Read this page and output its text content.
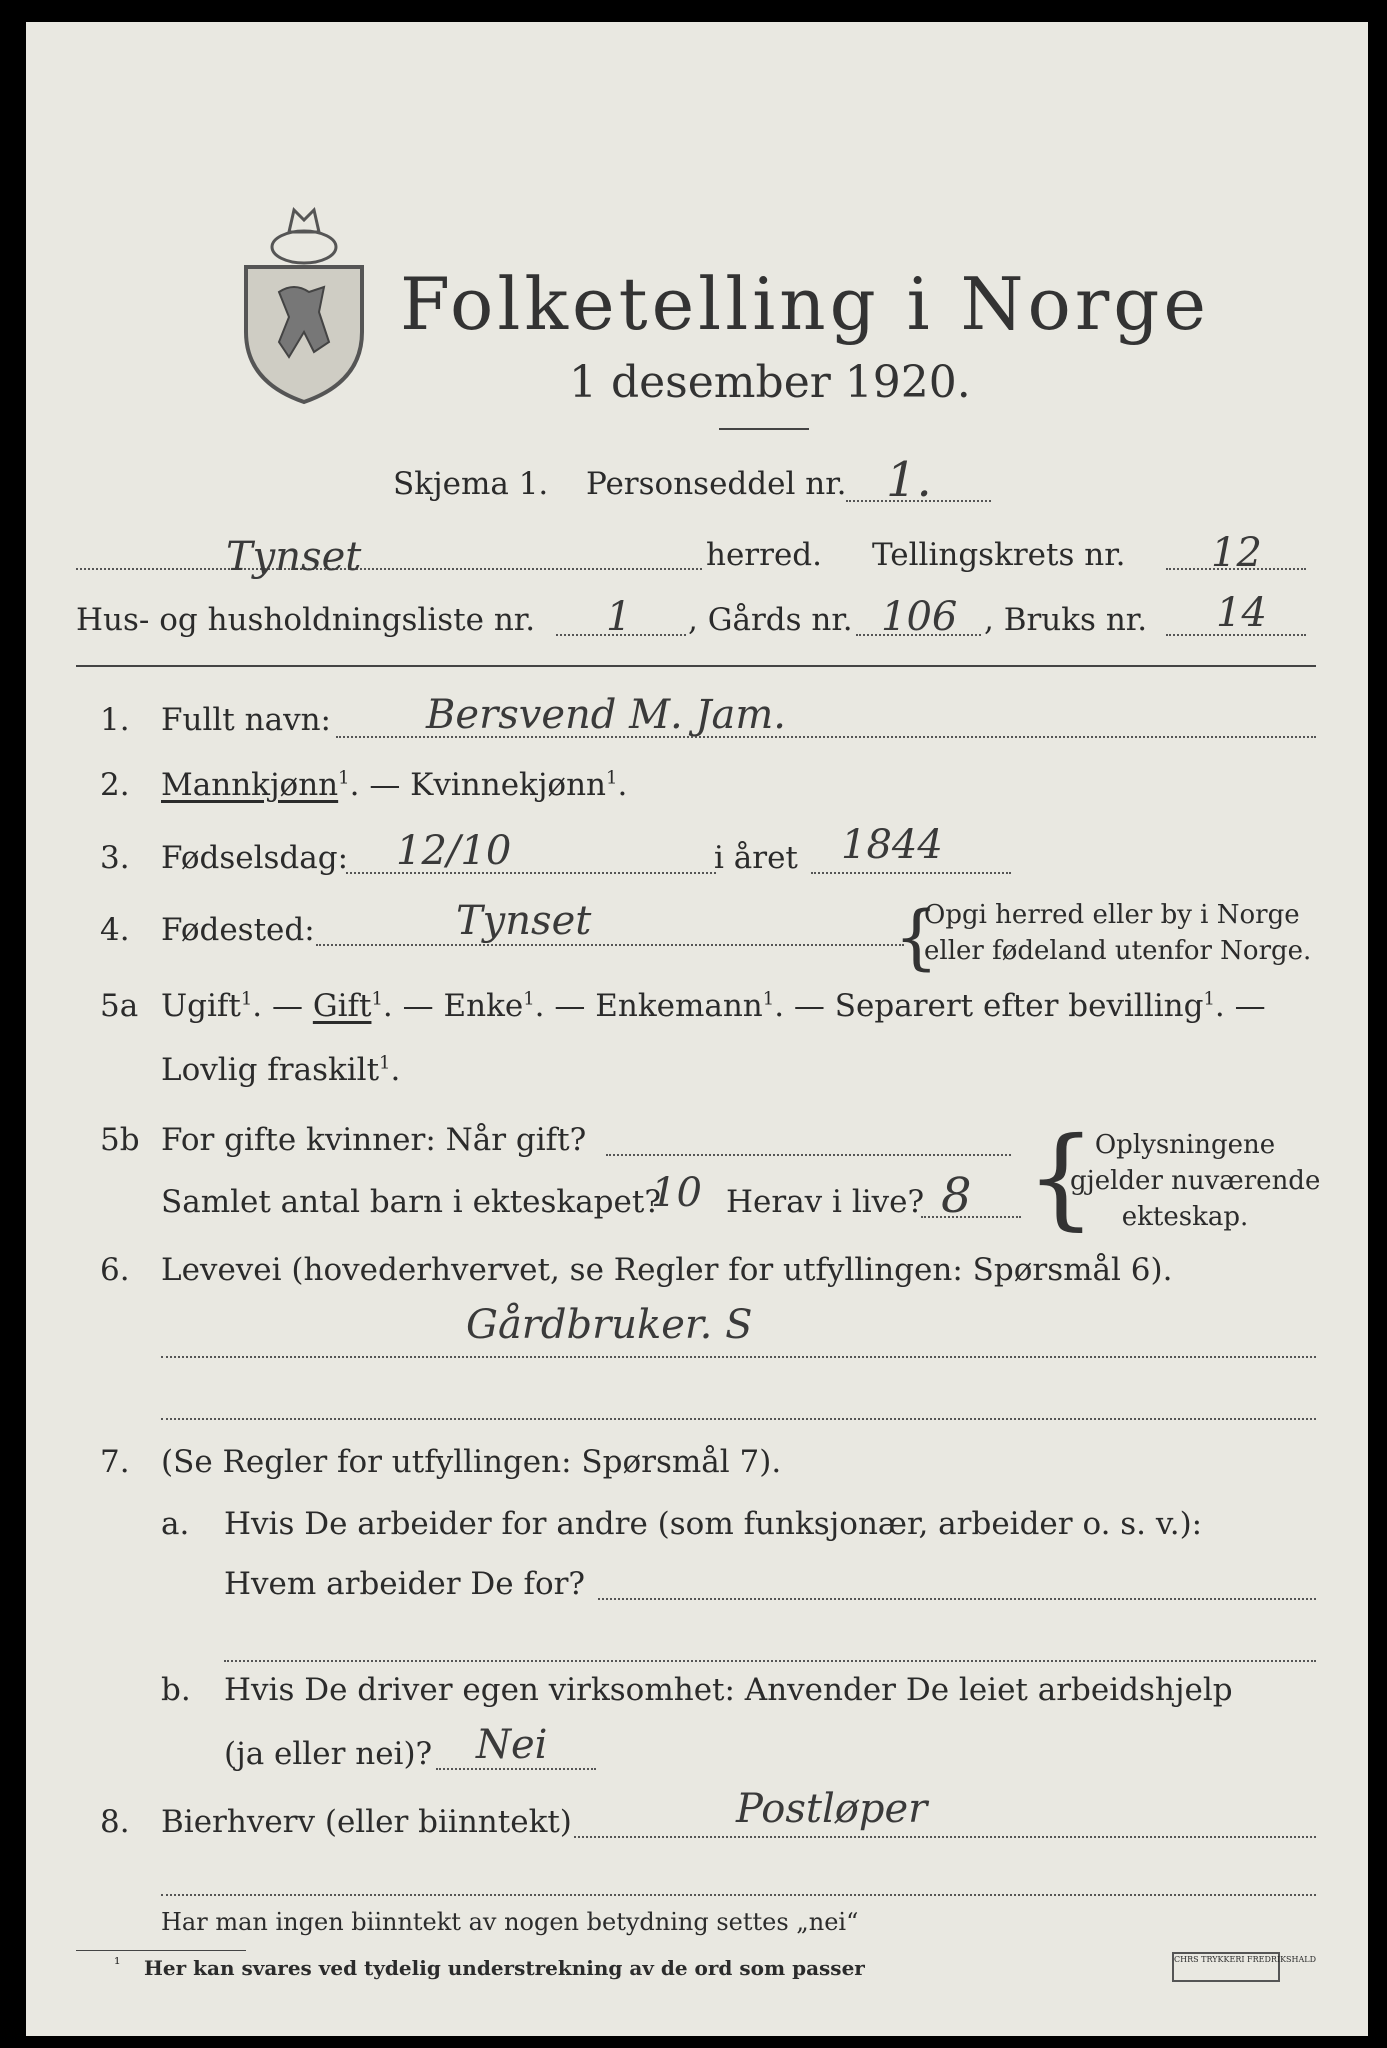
Folketelling i Norge
1 desember 1920.
Skjema 1. Personseddel nr. 1.
Tynset	herred. Tellingskrets nr. 12
Hus- og husholdningsliste nr. 1 , Gårds nr. 106 , Bruks nr. 14
1. Fullt navn: Bersvend M. Jam.
2. Mannkjønn$^1$. — Kvinnekjønn$^1$.
3. Fødselsdag: 12/10	i året 1844
4. Fødested:	Tynset	{
Opgi herred eller by i Norge
eller fødeland utenfor Norge.
5a Ugift$^1$. — Gift$^1$. — Enke$^1$. — Enkemann$^1$. — Separert efter bevilling$^1$. —
Lovlig fraskilt$^1$.
5b For gifte kvinner: Når gift?
Samlet antal barn i ekteskapet?
10 Herav i live? 8 {
Oplysningene
gjelder nuværende
ekteskap.
6. Levevei (hovederhvervet, se Regler for utfyllingen: Spørsmål 6).
Gårdbruker. S
7. (Se Regler for utfyllingen: Spørsmål 7).
a. Hvis De arbeider for andre (som funksjonær, arbeider o. s. v.):
Hvem arbeider De for?
b. Hvis De driver egen virksomhet: Anvender De leiet arbeidshjelp
(ja eller nei)? Nei
8. Bierhverv (eller biinntekt)	Postløper
Har man ingen biinntekt av nogen betydning settes „nei“
¹ Her kan svares ved tydelig understrekning av de ord som passer	CHRS TRYKKERI FREDRIKSHALD
